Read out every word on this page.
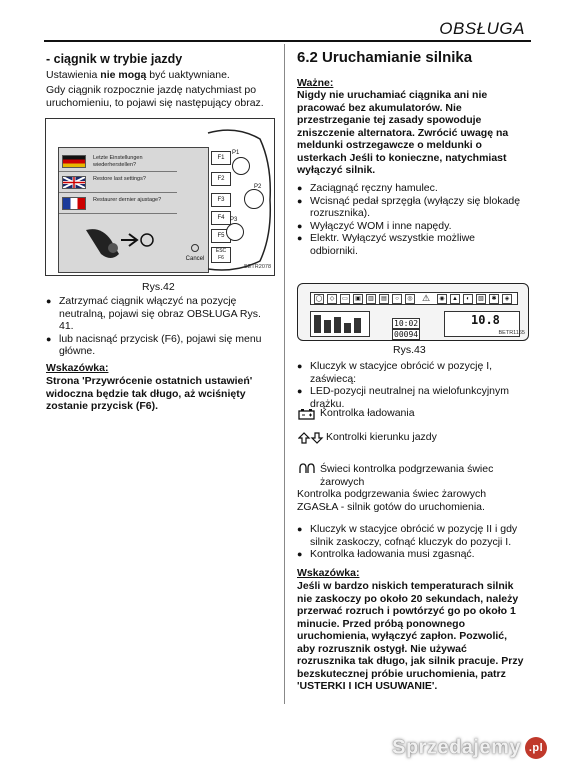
OBSŁUGA
- ciągnik w trybie jazdy
Ustawienia nie mogą być uaktywniane.
Gdy ciągnik rozpocznie jazdę natychmiast po uruchomieniu, to pojawi się następujący obraz.
Letzte Einstellungen wiederherstellen?
Restore last settings?
Restaurer dernier ajustage?
Cancel
F1
F2
F3
F4
F5
ESC
F6
P1
P2
P3
BETR2078
Rys.42
● Zatrzymać ciągnik włączyć na pozycję neutralną, pojawi się obraz OBSŁUGA Rys. 41.
● lub nacisnąć przycisk (F6), pojawi się menu główne.
Wskazówka:
Strona 'Przywrócenie ostatnich ustawień' widoczna będzie tak długo, aż wciśnięty zostanie przycisk (F6).
6.2 Uruchamianie silnika
Ważne:
Nigdy nie uruchamiać ciągnika ani nie pracować bez akumulatorów. Nie przestrzeganie tej zasady spowoduje zniszczenie alternatora. Zwrócić uwagę na meldunki ostrzegawcze o meldunki o usterkach Jeśli to konieczne, natychmiast wyłączyć silnik.
● Zaciągnąć ręczny hamulec.
● Wcisnąć pedał sprzęgła (wyłączy się blokadę rozrusznika).
● Wyłączyć WOM i inne napędy.
● Elektr. Wyłączyć wszystkie możliwe odbiorniki.
◯	◇	▭	▣	▥	▤	○	◎ ⚠	◉	▲	◐	▧	✱	◈
10:02
00094
10.8
BETR1165
Rys.43
● Kluczyk w stacyjce obrócić w pozycję I, zaświecą:
● LED-pozycji neutralnej na wielofunkcyjnym drążku.
Kontrolka ładowania
Kontrolki kierunku jazdy
Świeci kontrolka podgrzewania świec żarowych
Kontrolka podgrzewania świec żarowych ZGASŁA - silnik gotów do uruchomienia.
● Kluczyk w stacyjce obrócić w pozycję II i gdy silnik zaskoczy, cofnąć kluczyk do pozycji I.
● Kontrolka ładowania musi zgasnąć.
Wskazówka:
Jeśli w bardzo niskich temperaturach silnik nie zaskoczy po około 20 sekundach, należy przerwać rozruch i powtórzyć go po około 1 minucie. Przed próbą ponownego uruchomienia, wyłączyć zapłon. Pozwolić, aby rozrusznik ostygł. Nie używać rozrusznika tak długo, jak silnik pracuje. Przy bezskutecznej próbie uruchomienia, patrz 'USTERKI I ICH USUWANIE'.
Sprzedajemy .pl
